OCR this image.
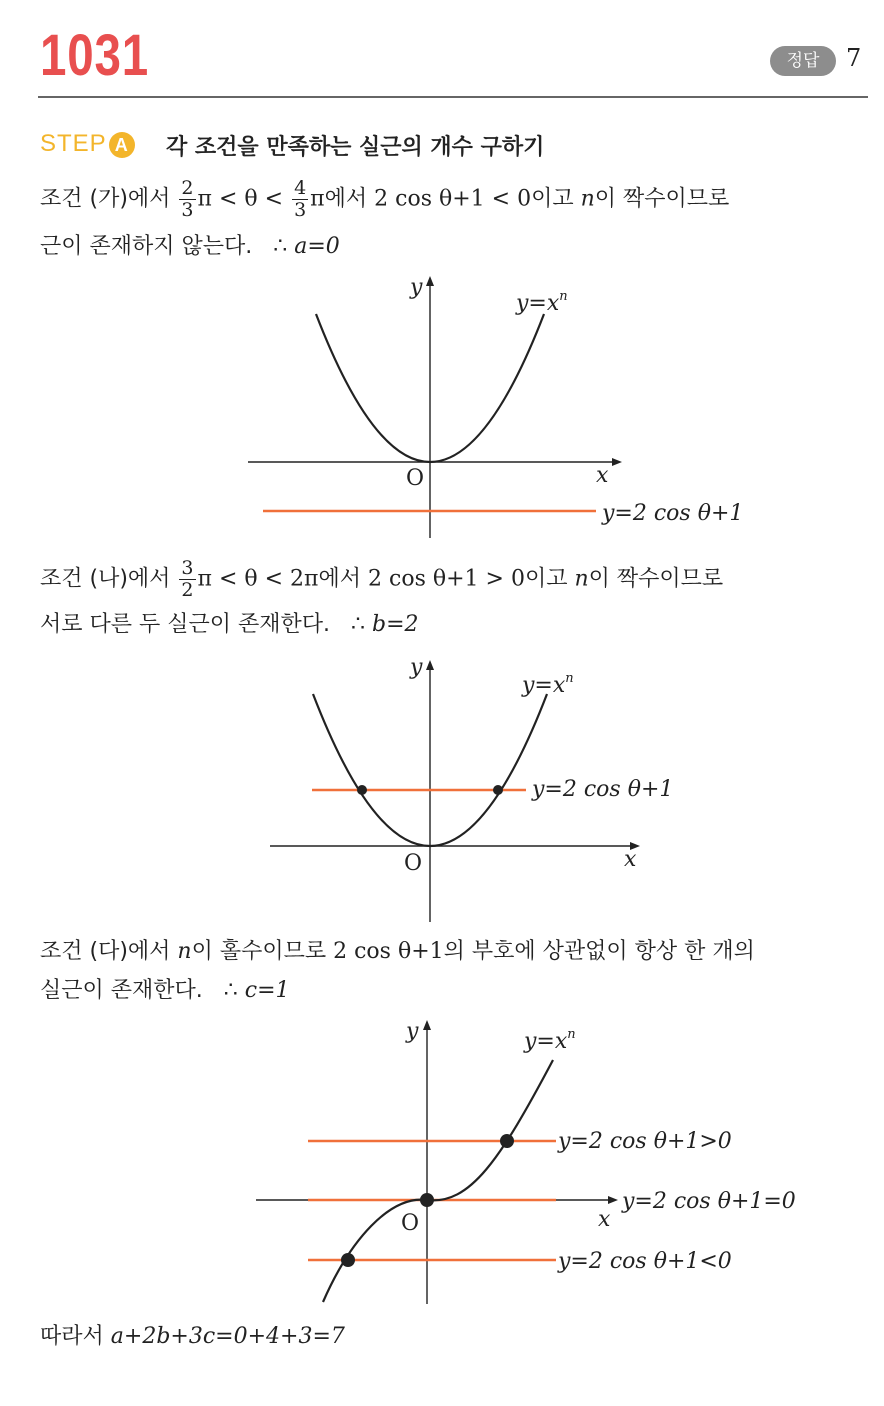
1031	정답	7
STEP A 각 조건을 만족하는 실근의 개수 구하기
조건 (가)에서 $\frac{2}{3}$ $\pi < \theta < \frac{4}{3}$ π에서 2 cos θ+1 < 0이고 n이 짝수이므로
근이 존재하지 않는다. ∴ a=0
y
x
O
$y=x^n$
y=2 cos θ+1
조건 (나)에서 $\frac{3}{2}$ π < θ < 2π에서 2 cos θ+1 > 0이고 n이 짝수이므로
서로 다른 두 실근이 존재한다. ∴ b=2
y
x
O
$y=x^n$
y=2 cos θ+1
조건 (다)에서 n이 홀수이므로 2 cos θ+1의 부호에 상관없이 항상 한 개의
실근이 존재한다. ∴ c=1
y
x
O
$y=x^n$
y=2 cos θ+1>0
y=2 cos θ+1=0
y=2 cos θ+1<0
따라서 a+2b+3c=0+4+3=7
